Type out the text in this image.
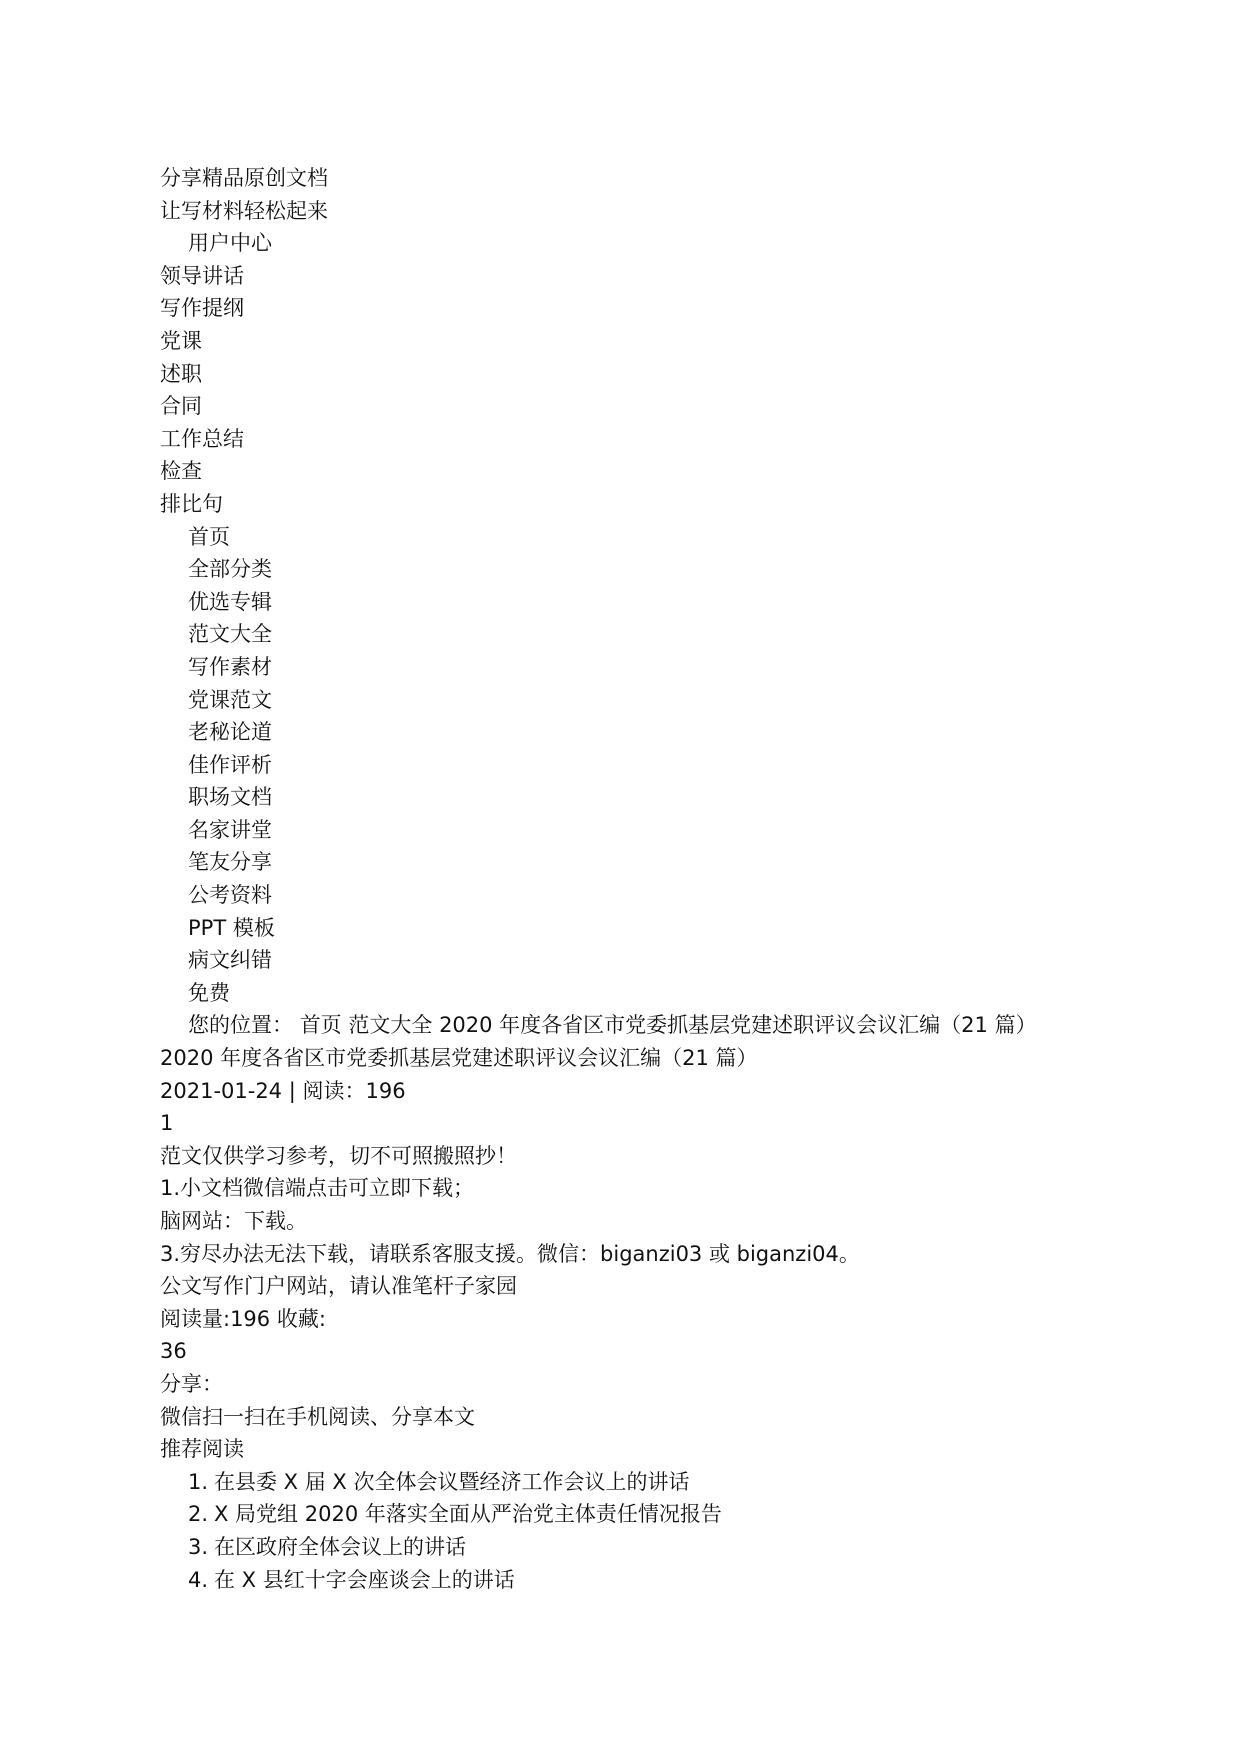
分享精品原创文档
让写材料轻松起来
用户中心
领导讲话
写作提纲
党课
述职
合同
工作总结
检查
排比句
首页
全部分类
优选专辑
范文大全
写作素材
党课范文
老秘论道
佳作评析
职场文档
名家讲堂
笔友分享
公考资料
PPT 模板
病文纠错
免费
您的位置：
首页
范文大全
2020 年度各省区市党委抓基层党建述职评议会议汇编（21 篇）
2020 年度各省区市党委抓基层党建述职评议会议汇编（21 篇）
2021-01-24 | 阅读：196
1
范文仅供学习参考，切不可照搬照抄！
1.小文档微信端点击可立即下载；
脑网站：下载。
3.穷尽办法无法下载，请联系客服支援。微信：biganzi03 或 biganzi04。
公文写作门户网站，请认准笔杆子家园
阅读量:196 收藏:
36
分享：
微信扫一扫在手机阅读、分享本文
推荐阅读
1. 在县委 X 届 X 次全体会议暨经济工作会议上的讲话
2. X 局党组 2020 年落实全面从严治党主体责任情况报告
3. 在区政府全体会议上的讲话
4. 在 X 县红十字会座谈会上的讲话
